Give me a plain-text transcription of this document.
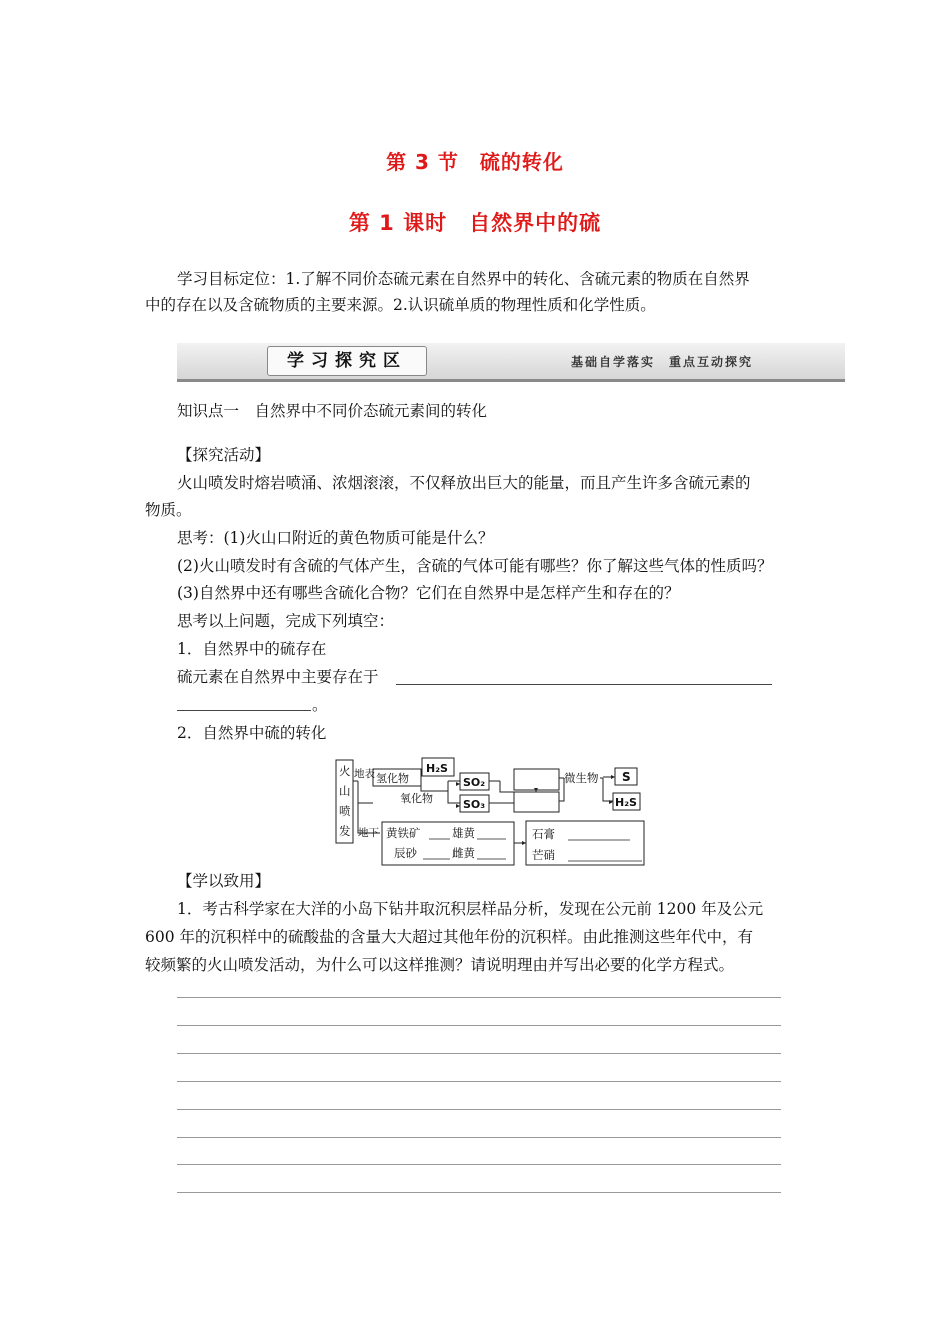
第 3 节　硫的转化
第 1 课时　自然界中的硫
学习目标定位：1.了解不同价态硫元素在自然界中的转化、含硫元素的物质在自然界
中的存在以及含硫物质的主要来源。2.认识硫单质的物理性质和化学性质。
学习探究区	基础自学落实　重点互动探究
知识点一　自然界中不同价态硫元素间的转化
【探究活动】
火山喷发时熔岩喷涌、浓烟滚滚，不仅释放出巨大的能量，而且产生许多含硫元素的
物质。
思考：(1)火山口附近的黄色物质可能是什么？
(2)火山喷发时有含硫的气体产生，含硫的气体可能有哪些？你了解这些气体的性质吗？
(3)自然界中还有哪些含硫化合物？它们在自然界中是怎样产生和存在的？
思考以上问题，完成下列填空：
1．自然界中的硫存在
硫元素在自然界中主要存在于
。
2．自然界中硫的转化
火
山
喷
发
地表
地下
氢化物
氧化物
H₂S
SO₂
SO₃
微生物 S
H₂S
黄铁矿	雄黄
辰砂	雌黄
石膏
芒硝
【学以致用】
1．考古科学家在大洋的小岛下钻井取沉积层样品分析，发现在公元前 1200 年及公元
600 年的沉积样中的硫酸盐的含量大大超过其他年份的沉积样。由此推测这些年代中，有
较频繁的火山喷发活动，为什么可以这样推测？请说明理由并写出必要的化学方程式。
